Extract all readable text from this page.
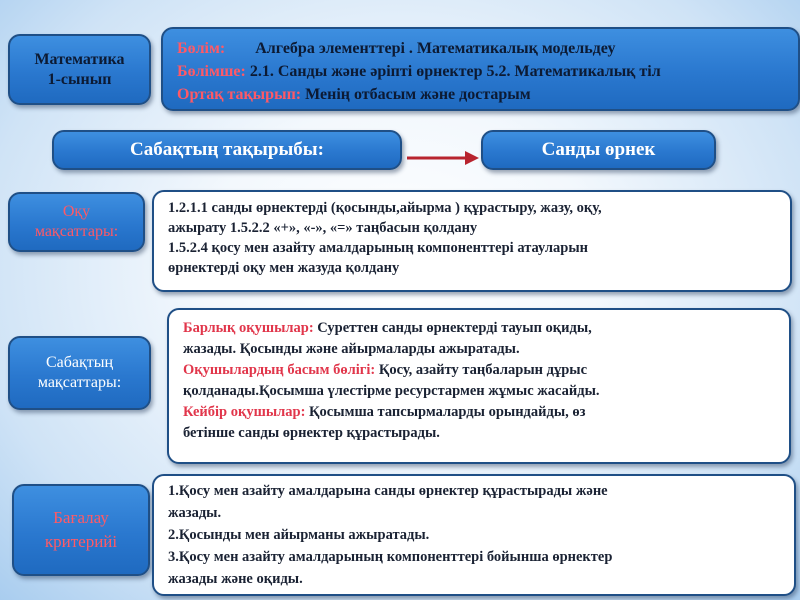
Математика
1-сынып
Бөлім: Алгебра элементтері . Математикалық модельдеу
Бөлімше: 2.1. Санды және әріпті өрнектер 5.2. Математикалық тіл
Ортақ тақырып: Менің отбасым және достарым
Сабақтың тақырыбы:	Санды өрнек
Оқу
мақсаттары:
1.2.1.1 санды өрнектерді (қосынды,айырма ) құрастыру, жазу, оқу,
ажырату 1.5.2.2 «+», «-», «=» таңбасын қолдану
1.5.2.4 қосу мен азайту амалдарының компоненттері атауларын
өрнектерді оқу мен жазуда қолдану
Сабақтың
мақсаттары:
Барлық оқушылар: Суреттен санды өрнектерді тауып оқиды,
жазады. Қосынды және айырмаларды ажыратады.
Оқушылардың басым бөлігі: Қосу, азайту таңбаларын дұрыс
қолданады.Қосымша үлестірме ресурстармен жұмыс жасайды.
Кейбір оқушылар: Қосымша тапсырмаларды орындайды, өз
бетінше санды өрнектер құрастырады.
Бағалау
критерийі
1.Қосу мен азайту амалдарына санды өрнектер құрастырады және
жазады.
2.Қосынды мен айырманы ажыратады.
3.Қосу мен азайту амалдарының компоненттері бойынша өрнектер
жазады және оқиды.
